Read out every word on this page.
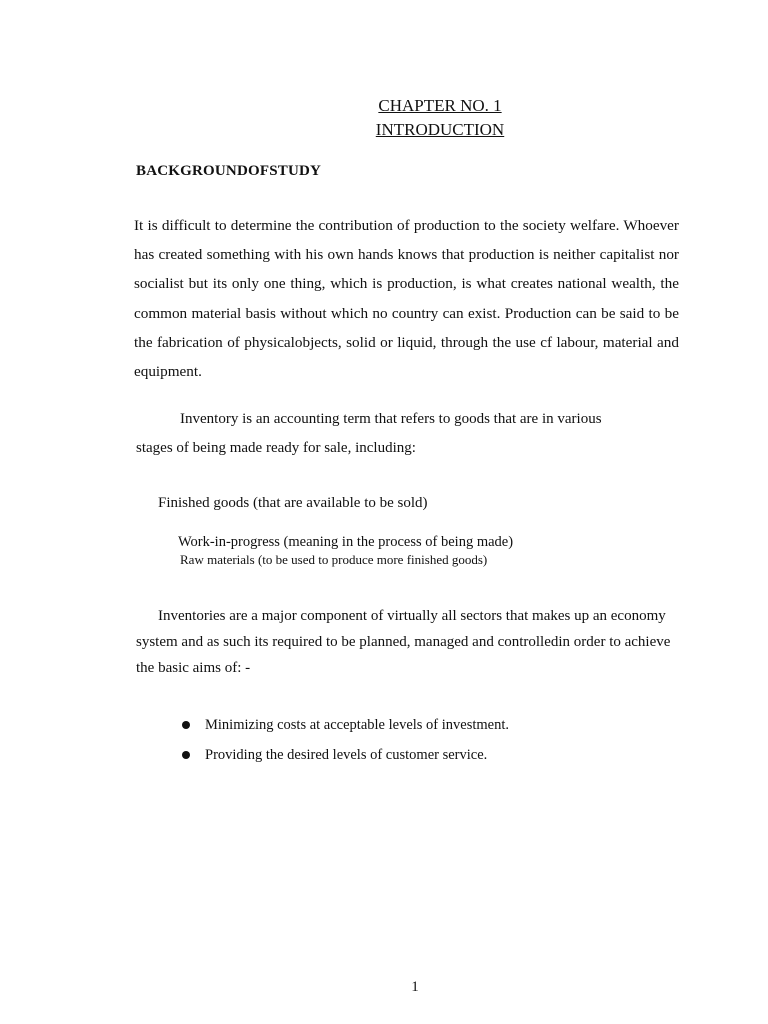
CHAPTER NO. 1
INTRODUCTION
BACKGROUNDOFSTUDY
It is difficult to determine the contribution of production to the society welfare. Whoever has created something with his own hands knows that production is neither capitalist nor socialist but its only one thing, which is production, is what creates national wealth, the common material basis without which no country can exist. Production can be said to be the fabrication of physicalobjects, solid or liquid, through the use cf labour, material and equipment.
Inventory is an accounting term that refers to goods that are in various
stages of being made ready for sale, including:
Finished goods (that are available to be sold)
Work-in-progress (meaning in the process of being made)
Raw materials (to be used to produce more finished goods)
Inventories are a major component of virtually all sectors that makes up an economy system and as such its required to be planned, managed and controlledin order to achieve the basic aims of: -
Minimizing costs at acceptable levels of investment.
Providing the desired levels of customer service.
1
